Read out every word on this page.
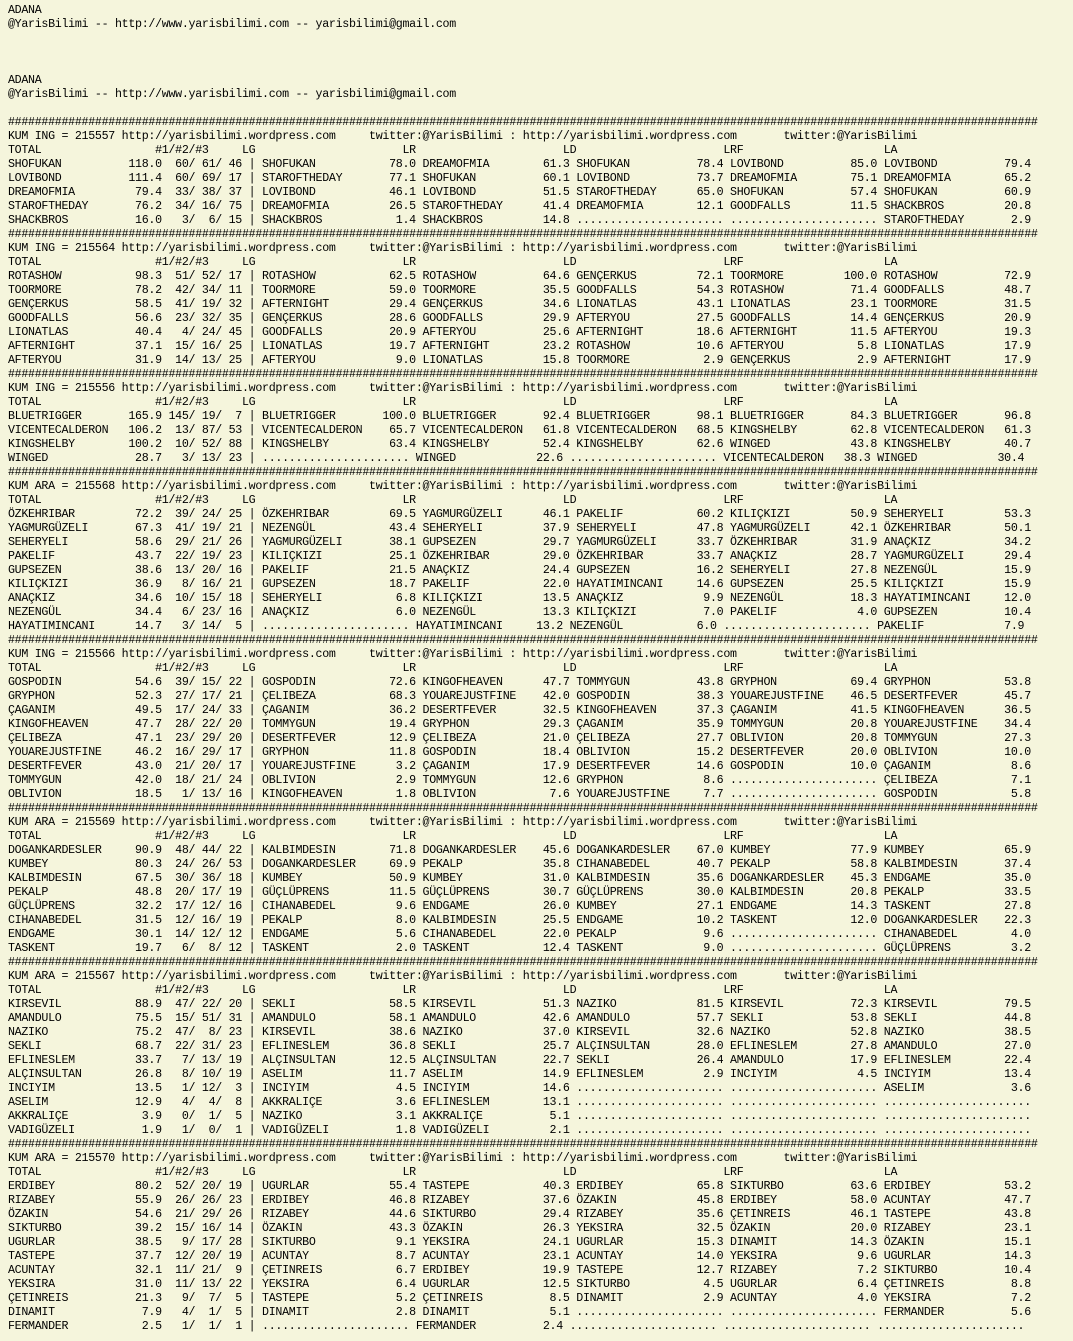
ADANA
@YarisBilimi -- http://www.yarisbilimi.com -- yarisbilimi@gmail.com

ADANA
@YarisBilimi -- http://www.yarisbilimi.com -- yarisbilimi@gmail.com

##########################################################################################################################################################
KUM ING = 215557 http://yarisbilimi.wordpress.com     twitter:@YarisBilimi : http://yarisbilimi.wordpress.com       twitter:@YarisBilimi
TOTAL                 #1/#2/#3     LG                      LR                      LD                      LRF                     LA
SHOFUKAN          118.0  60/ 61/ 46 | SHOFUKAN           78.0 DREAMOFMIA        61.3 SHOFUKAN          78.4 LOVIBOND          85.0 LOVIBOND          79.4
LOVIBOND          111.4  60/ 69/ 17 | STAROFTHEDAY       77.1 SHOFUKAN          60.1 LOVIBOND          73.7 DREAMOFMIA        75.1 DREAMOFMIA        65.2
DREAMOFMIA         79.4  33/ 38/ 37 | LOVIBOND           46.1 LOVIBOND          51.5 STAROFTHEDAY      65.0 SHOFUKAN          57.4 SHOFUKAN          60.9
STAROFTHEDAY       76.2  34/ 16/ 75 | DREAMOFMIA         26.5 STAROFTHEDAY      41.4 DREAMOFMIA        12.1 GOODFALLS         11.5 SHACKBROS         20.8
SHACKBROS          16.0   3/  6/ 15 | SHACKBROS           1.4 SHACKBROS         14.8 ...................... ...................... STAROFTHEDAY       2.9
##########################################################################################################################################################
KUM ING = 215564 http://yarisbilimi.wordpress.com     twitter:@YarisBilimi : http://yarisbilimi.wordpress.com       twitter:@YarisBilimi
TOTAL                 #1/#2/#3     LG                      LR                      LD                      LRF                     LA
ROTASHOW           98.3  51/ 52/ 17 | ROTASHOW           62.5 ROTASHOW          64.6 GENÇERKUS         72.1 TOORMORE         100.0 ROTASHOW          72.9
TOORMORE           78.2  42/ 34/ 11 | TOORMORE           59.0 TOORMORE          35.5 GOODFALLS         54.3 ROTASHOW          71.4 GOODFALLS         48.7
GENÇERKUS          58.5  41/ 19/ 32 | AFTERNIGHT         29.4 GENÇERKUS         34.6 LIONATLAS         43.1 LIONATLAS         23.1 TOORMORE          31.5
GOODFALLS          56.6  23/ 32/ 35 | GENÇERKUS          28.6 GOODFALLS         29.9 AFTERYOU          27.5 GOODFALLS         14.4 GENÇERKUS         20.9
LIONATLAS          40.4   4/ 24/ 45 | GOODFALLS          20.9 AFTERYOU          25.6 AFTERNIGHT        18.6 AFTERNIGHT        11.5 AFTERYOU          19.3
AFTERNIGHT         37.1  15/ 16/ 25 | LIONATLAS          19.7 AFTERNIGHT        23.2 ROTASHOW          10.6 AFTERYOU           5.8 LIONATLAS         17.9
AFTERYOU           31.9  14/ 13/ 25 | AFTERYOU            9.0 LIONATLAS         15.8 TOORMORE           2.9 GENÇERKUS          2.9 AFTERNIGHT        17.9
##########################################################################################################################################################
KUM ING = 215556 http://yarisbilimi.wordpress.com     twitter:@YarisBilimi : http://yarisbilimi.wordpress.com       twitter:@YarisBilimi
TOTAL                 #1/#2/#3     LG                      LR                      LD                      LRF                     LA
BLUETRIGGER       165.9 145/ 19/  7 | BLUETRIGGER       100.0 BLUETRIGGER       92.4 BLUETRIGGER       98.1 BLUETRIGGER       84.3 BLUETRIGGER       96.8
VICENTECALDERON   106.2  13/ 87/ 53 | VICENTECALDERON    65.7 VICENTECALDERON   61.8 VICENTECALDERON   68.5 KINGSHELBY        62.8 VICENTECALDERON   61.3
KINGSHELBY        100.2  10/ 52/ 88 | KINGSHELBY         63.4 KINGSHELBY        52.4 KINGSHELBY        62.6 WINGED            43.8 KINGSHELBY        40.7
WINGED             28.7   3/ 13/ 23 | ...................... WINGED            22.6 ...................... VICENTECALDERON   38.3 WINGED            30.4
##########################################################################################################################################################
KUM ARA = 215568 http://yarisbilimi.wordpress.com     twitter:@YarisBilimi : http://yarisbilimi.wordpress.com       twitter:@YarisBilimi
TOTAL                 #1/#2/#3     LG                      LR                      LD                      LRF                     LA
ÖZKEHRIBAR         72.2  39/ 24/ 25 | ÖZKEHRIBAR         69.5 YAGMURGÜZELI      46.1 PAKELIF           60.2 KILIÇKIZI         50.9 SEHERYELI         53.3
YAGMURGÜZELI       67.3  41/ 19/ 21 | NEZENGÜL           43.4 SEHERYELI         37.9 SEHERYELI         47.8 YAGMURGÜZELI      42.1 ÖZKEHRIBAR        50.1
SEHERYELI          58.6  29/ 21/ 26 | YAGMURGÜZELI       38.1 GUPSEZEN          29.7 YAGMURGÜZELI      33.7 ÖZKEHRIBAR        31.9 ANAÇKIZ           34.2
PAKELIF            43.7  22/ 19/ 23 | KILIÇKIZI          25.1 ÖZKEHRIBAR        29.0 ÖZKEHRIBAR        33.7 ANAÇKIZ           28.7 YAGMURGÜZELI      29.4
GUPSEZEN           38.6  13/ 20/ 16 | PAKELIF            21.5 ANAÇKIZ           24.4 GUPSEZEN          16.2 SEHERYELI         27.8 NEZENGÜL          15.9
KILIÇKIZI          36.9   8/ 16/ 21 | GUPSEZEN           18.7 PAKELIF           22.0 HAYATIMINCANI     14.6 GUPSEZEN          25.5 KILIÇKIZI         15.9
ANAÇKIZ            34.6  10/ 15/ 18 | SEHERYELI           6.8 KILIÇKIZI         13.5 ANAÇKIZ            9.9 NEZENGÜL          18.3 HAYATIMINCANI     12.0
NEZENGÜL           34.4   6/ 23/ 16 | ANAÇKIZ             6.0 NEZENGÜL          13.3 KILIÇKIZI          7.0 PAKELIF            4.0 GUPSEZEN          10.4
HAYATIMINCANI      14.7   3/ 14/  5 | ...................... HAYATIMINCANI     13.2 NEZENGÜL           6.0 ...................... PAKELIF            7.9
##########################################################################################################################################################
KUM ING = 215566 http://yarisbilimi.wordpress.com     twitter:@YarisBilimi : http://yarisbilimi.wordpress.com       twitter:@YarisBilimi
TOTAL                 #1/#2/#3     LG                      LR                      LD                      LRF                     LA
GOSPODIN           54.6  39/ 15/ 22 | GOSPODIN           72.6 KINGOFHEAVEN      47.7 TOMMYGUN          43.8 GRYPHON           69.4 GRYPHON           53.8
GRYPHON            52.3  27/ 17/ 21 | ÇELIBEZA           68.3 YOUAREJUSTFINE    42.0 GOSPODIN          38.3 YOUAREJUSTFINE    46.5 DESERTFEVER       45.7
ÇAGANIM            49.5  17/ 24/ 33 | ÇAGANIM            36.2 DESERTFEVER       32.5 KINGOFHEAVEN      37.3 ÇAGANIM           41.5 KINGOFHEAVEN      36.5
KINGOFHEAVEN       47.7  28/ 22/ 20 | TOMMYGUN           19.4 GRYPHON           29.3 ÇAGANIM           35.9 TOMMYGUN          20.8 YOUAREJUSTFINE    34.4
ÇELIBEZA           47.1  23/ 29/ 20 | DESERTFEVER        12.9 ÇELIBEZA          21.0 ÇELIBEZA          27.7 OBLIVION          20.8 TOMMYGUN          27.3
YOUAREJUSTFINE     46.2  16/ 29/ 17 | GRYPHON            11.8 GOSPODIN          18.4 OBLIVION          15.2 DESERTFEVER       20.0 OBLIVION          10.0
DESERTFEVER        43.0  21/ 20/ 17 | YOUAREJUSTFINE      3.2 ÇAGANIM           17.9 DESERTFEVER       14.6 GOSPODIN          10.0 ÇAGANIM            8.6
TOMMYGUN           42.0  18/ 21/ 24 | OBLIVION            2.9 TOMMYGUN          12.6 GRYPHON            8.6 ...................... ÇELIBEZA           7.1
OBLIVION           18.5   1/ 13/ 16 | KINGOFHEAVEN        1.8 OBLIVION           7.6 YOUAREJUSTFINE     7.7 ...................... GOSPODIN           5.8
##########################################################################################################################################################
KUM ARA = 215569 http://yarisbilimi.wordpress.com     twitter:@YarisBilimi : http://yarisbilimi.wordpress.com       twitter:@YarisBilimi
TOTAL                 #1/#2/#3     LG                      LR                      LD                      LRF                     LA
DOGANKARDESLER     90.9  48/ 44/ 22 | KALBIMDESIN        71.8 DOGANKARDESLER    45.6 DOGANKARDESLER    67.0 KUMBEY            77.9 KUMBEY            65.9
KUMBEY             80.3  24/ 26/ 53 | DOGANKARDESLER     69.9 PEKALP            35.8 CIHANABEDEL       40.7 PEKALP            58.8 KALBIMDESIN       37.4
KALBIMDESIN        67.5  30/ 36/ 18 | KUMBEY             50.9 KUMBEY            31.0 KALBIMDESIN       35.6 DOGANKARDESLER    45.3 ENDGAME           35.0
PEKALP             48.8  20/ 17/ 19 | GÜÇLÜPRENS         11.5 GÜÇLÜPRENS        30.7 GÜÇLÜPRENS        30.0 KALBIMDESIN       20.8 PEKALP            33.5
GÜÇLÜPRENS         32.2  17/ 12/ 16 | CIHANABEDEL         9.6 ENDGAME           26.0 KUMBEY            27.1 ENDGAME           14.3 TASKENT           27.8
CIHANABEDEL        31.5  12/ 16/ 19 | PEKALP              8.0 KALBIMDESIN       25.5 ENDGAME           10.2 TASKENT           12.0 DOGANKARDESLER    22.3
ENDGAME            30.1  14/ 12/ 12 | ENDGAME             5.6 CIHANABEDEL       22.0 PEKALP             9.6 ...................... CIHANABEDEL        4.0
TASKENT            19.7   6/  8/ 12 | TASKENT             2.0 TASKENT           12.4 TASKENT            9.0 ...................... GÜÇLÜPRENS         3.2
##########################################################################################################################################################
KUM ARA = 215567 http://yarisbilimi.wordpress.com     twitter:@YarisBilimi : http://yarisbilimi.wordpress.com       twitter:@YarisBilimi
TOTAL                 #1/#2/#3     LG                      LR                      LD                      LRF                     LA
KIRSEVIL           88.9  47/ 22/ 20 | SEKLI              58.5 KIRSEVIL          51.3 NAZIKO            81.5 KIRSEVIL          72.3 KIRSEVIL          79.5
AMANDULO           75.5  15/ 51/ 31 | AMANDULO           58.1 AMANDULO          42.6 AMANDULO          57.7 SEKLI             53.8 SEKLI             44.8
NAZIKO             75.2  47/  8/ 23 | KIRSEVIL           38.6 NAZIKO            37.0 KIRSEVIL          32.6 NAZIKO            52.8 NAZIKO            38.5
SEKLI              68.7  22/ 31/ 23 | EFLINESLEM         36.8 SEKLI             25.7 ALÇINSULTAN       28.0 EFLINESLEM        27.8 AMANDULO          27.0
EFLINESLEM         33.7   7/ 13/ 19 | ALÇINSULTAN        12.5 ALÇINSULTAN       22.7 SEKLI             26.4 AMANDULO          17.9 EFLINESLEM        22.4
ALÇINSULTAN        26.8   8/ 10/ 19 | ASELIM             11.7 ASELIM            14.9 EFLINESLEM         2.9 INCIYIM            4.5 INCIYIM           13.4
INCIYIM            13.5   1/ 12/  3 | INCIYIM             4.5 INCIYIM           14.6 ...................... ...................... ASELIM             3.6
ASELIM             12.9   4/  4/  8 | AKKRALIÇE           3.6 EFLINESLEM        13.1 ...................... ...................... ......................
AKKRALIÇE           3.9   0/  1/  5 | NAZIKO              3.1 AKKRALIÇE          5.1 ...................... ...................... ......................
VADIGÜZELI          1.9   1/  0/  1 | VADIGÜZELI          1.8 VADIGÜZELI         2.1 ...................... ...................... ......................
##########################################################################################################################################################
KUM ARA = 215570 http://yarisbilimi.wordpress.com     twitter:@YarisBilimi : http://yarisbilimi.wordpress.com       twitter:@YarisBilimi
TOTAL                 #1/#2/#3     LG                      LR                      LD                      LRF                     LA
ERDIBEY            80.2  52/ 20/ 19 | UGURLAR            55.4 TASTEPE           40.3 ERDIBEY           65.8 SIKTURBO          63.6 ERDIBEY           53.2
RIZABEY            55.9  26/ 26/ 23 | ERDIBEY            46.8 RIZABEY           37.6 ÖZAKIN            45.8 ERDIBEY           58.0 ACUNTAY           47.7
ÖZAKIN             54.6  21/ 29/ 26 | RIZABEY            44.6 SIKTURBO          29.4 RIZABEY           35.6 ÇETINREIS         46.1 TASTEPE           43.8
SIKTURBO           39.2  15/ 16/ 14 | ÖZAKIN             43.3 ÖZAKIN            26.3 YEKSIRA           32.5 ÖZAKIN            20.0 RIZABEY           23.1
UGURLAR            38.5   9/ 17/ 28 | SIKTURBO            9.1 YEKSIRA           24.1 UGURLAR           15.3 DINAMIT           14.3 ÖZAKIN            15.1
TASTEPE            37.7  12/ 20/ 19 | ACUNTAY             8.7 ACUNTAY           23.1 ACUNTAY           14.0 YEKSIRA            9.6 UGURLAR           14.3
ACUNTAY            32.1  11/ 21/  9 | ÇETINREIS           6.7 ERDIBEY           19.9 TASTEPE           12.7 RIZABEY            7.2 SIKTURBO          10.4
YEKSIRA            31.0  11/ 13/ 22 | YEKSIRA             6.4 UGURLAR           12.5 SIKTURBO           4.5 UGURLAR            6.4 ÇETINREIS          8.8
ÇETINREIS          21.3   9/  7/  5 | TASTEPE             5.2 ÇETINREIS          8.5 DINAMIT            2.9 ACUNTAY            4.0 YEKSIRA            7.2
DINAMIT             7.9   4/  1/  5 | DINAMIT             2.8 DINAMIT            5.1 ...................... ...................... FERMANDER          5.6
FERMANDER           2.5   1/  1/  1 | ...................... FERMANDER          2.4 ...................... ...................... ......................
